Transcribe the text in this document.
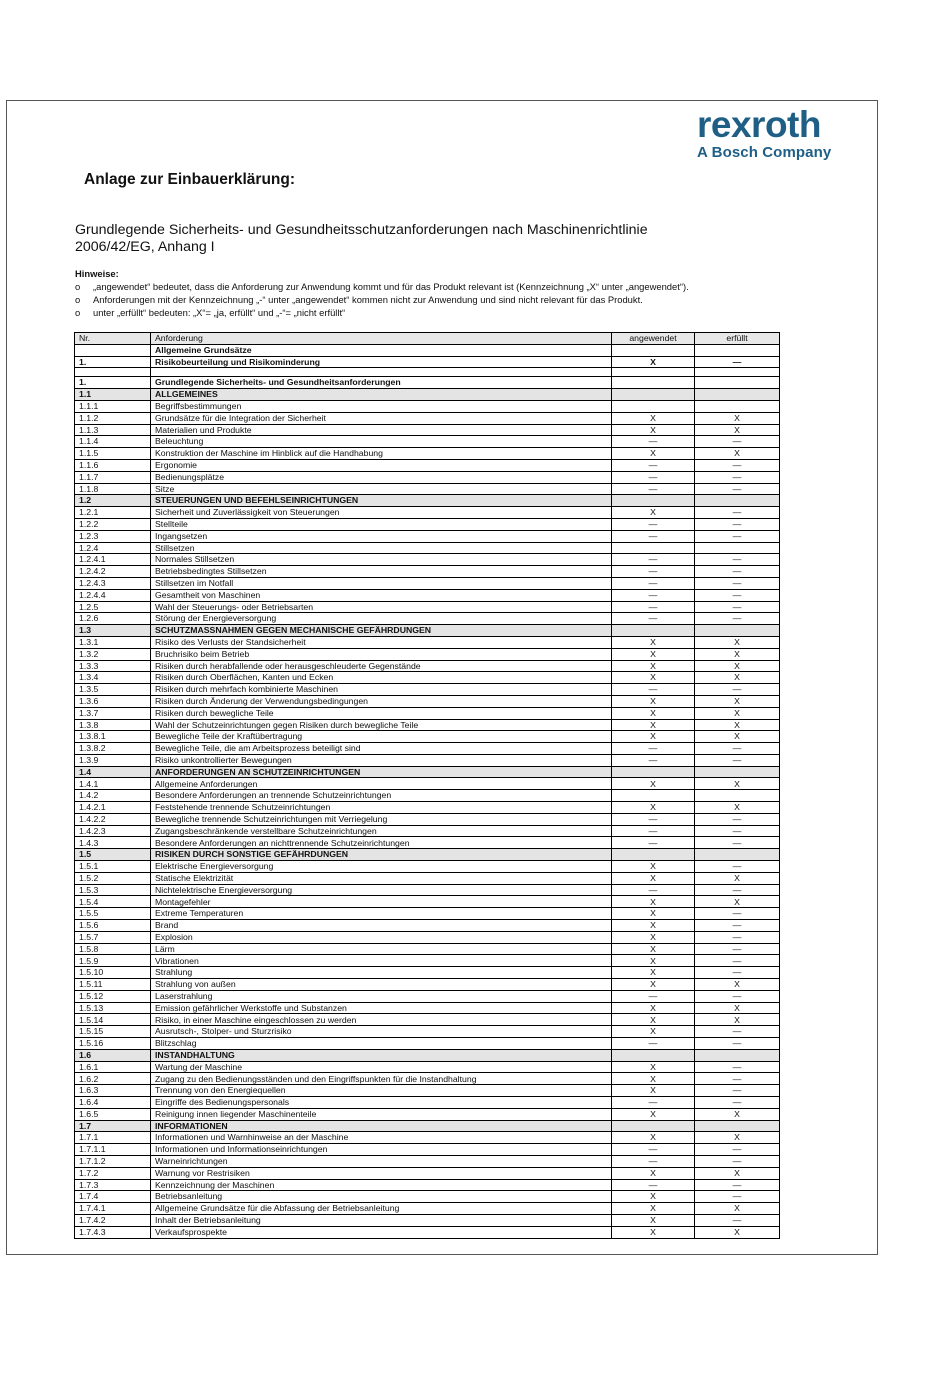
rexroth
A Bosch Company
Anlage zur Einbauerklärung:

Grundlegende Sicherheits- und Gesundheitsschutzanforderungen nach Maschinenrichtlinie 2006/42/EG, Anhang I

Hinweise:
o „angewendet“ bedeutet, dass die Anforderung zur Anwendung kommt und für das Produkt relevant ist (Kennzeichnung „X“ unter „angewendet“).
o Anforderungen mit der Kennzeichnung „-“ unter „angewendet“ kommen nicht zur Anwendung und sind nicht relevant für das Produkt.
o unter „erfüllt“ bedeuten: „X“= „ja, erfüllt“ und „-“= „nicht erfüllt“
Nr.	Anforderung	angewendet	erfüllt
	Allgemeine Grundsätze		
1.	Risikobeurteilung und Risikominderung	X	—

1.	Grundlegende Sicherheits- und Gesundheitsanforderungen		
1.1	ALLGEMEINES		
1.1.1	Begriffsbestimmungen		
1.1.2	Grundsätze für die Integration der Sicherheit	X	X
1.1.3	Materialien und Produkte	X	X
1.1.4	Beleuchtung	—	—
1.1.5	Konstruktion der Maschine im Hinblick auf die Handhabung	X	X
1.1.6	Ergonomie	—	—
1.1.7	Bedienungsplätze	—	—
1.1.8	Sitze	—	—
1.2	STEUERUNGEN UND BEFEHLSEINRICHTUNGEN		
1.2.1	Sicherheit und Zuverlässigkeit von Steuerungen	X	—
1.2.2	Stellteile	—	—
1.2.3	Ingangsetzen	—	—
1.2.4	Stillsetzen		
1.2.4.1	Normales Stillsetzen	—	—
1.2.4.2	Betriebsbedingtes Stillsetzen	—	—
1.2.4.3	Stillsetzen im Notfall	—	—
1.2.4.4	Gesamtheit von Maschinen	—	—
1.2.5	Wahl der Steuerungs- oder Betriebsarten	—	—
1.2.6	Störung der Energieversorgung	—	—
1.3	SCHUTZMASSNAHMEN GEGEN MECHANISCHE GEFÄHRDUNGEN		
1.3.1	Risiko des Verlusts der Standsicherheit	X	X
1.3.2	Bruchrisiko beim Betrieb	X	X
1.3.3	Risiken durch herabfallende oder herausgeschleuderte Gegenstände	X	X
1.3.4	Risiken durch Oberflächen, Kanten und Ecken	X	X
1.3.5	Risiken durch mehrfach kombinierte Maschinen	—	—
1.3.6	Risiken durch Änderung der Verwendungsbedingungen	X	X
1.3.7	Risiken durch bewegliche Teile	X	X
1.3.8	Wahl der Schutzeinrichtungen gegen Risiken durch bewegliche Teile	X	X
1.3.8.1	Bewegliche Teile der Kraftübertragung	X	X
1.3.8.2	Bewegliche Teile, die am Arbeitsprozess beteiligt sind	—	—
1.3.9	Risiko unkontrollierter Bewegungen	—	—
1.4	ANFORDERUNGEN AN SCHUTZEINRICHTUNGEN		
1.4.1	Allgemeine Anforderungen	X	X
1.4.2	Besondere Anforderungen an trennende Schutzeinrichtungen		
1.4.2.1	Feststehende trennende Schutzeinrichtungen	X	X
1.4.2.2	Bewegliche trennende Schutzeinrichtungen mit Verriegelung	—	—
1.4.2.3	Zugangsbeschränkende verstellbare Schutzeinrichtungen	—	—
1.4.3	Besondere Anforderungen an nichttrennende Schutzeinrichtungen	—	—
1.5	RISIKEN DURCH SONSTIGE GEFÄHRDUNGEN		
1.5.1	Elektrische Energieversorgung	X	—
1.5.2	Statische Elektrizität	X	X
1.5.3	Nichtelektrische Energieversorgung	—	—
1.5.4	Montagefehler	X	X
1.5.5	Extreme Temperaturen	X	—
1.5.6	Brand	X	—
1.5.7	Explosion	X	—
1.5.8	Lärm	X	—
1.5.9	Vibrationen	X	—
1.5.10	Strahlung	X	—
1.5.11	Strahlung von außen	X	X
1.5.12	Laserstrahlung	—	—
1.5.13	Emission gefährlicher Werkstoffe und Substanzen	X	X
1.5.14	Risiko, in einer Maschine eingeschlossen zu werden	X	X
1.5.15	Ausrutsch-, Stolper- und Sturzrisiko	X	—
1.5.16	Blitzschlag	—	—
1.6	INSTANDHALTUNG		
1.6.1	Wartung der Maschine	X	—
1.6.2	Zugang zu den Bedienungsständen und den Eingriffspunkten für die Instandhaltung	X	—
1.6.3	Trennung von den Energiequellen	X	—
1.6.4	Eingriffe des Bedienungspersonals	—	—
1.6.5	Reinigung innen liegender Maschinenteile	X	X
1.7	INFORMATIONEN		
1.7.1	Informationen und Warnhinweise an der Maschine	X	X
1.7.1.1	Informationen und Informationseinrichtungen	—	—
1.7.1.2	Warneinrichtungen	—	—
1.7.2	Warnung vor Restrisiken	X	X
1.7.3	Kennzeichnung der Maschinen	—	—
1.7.4	Betriebsanleitung	X	—
1.7.4.1	Allgemeine Grundsätze für die Abfassung der Betriebsanleitung	X	X
1.7.4.2	Inhalt der Betriebsanleitung	X	—
1.7.4.3	Verkaufsprospekte	X	X
